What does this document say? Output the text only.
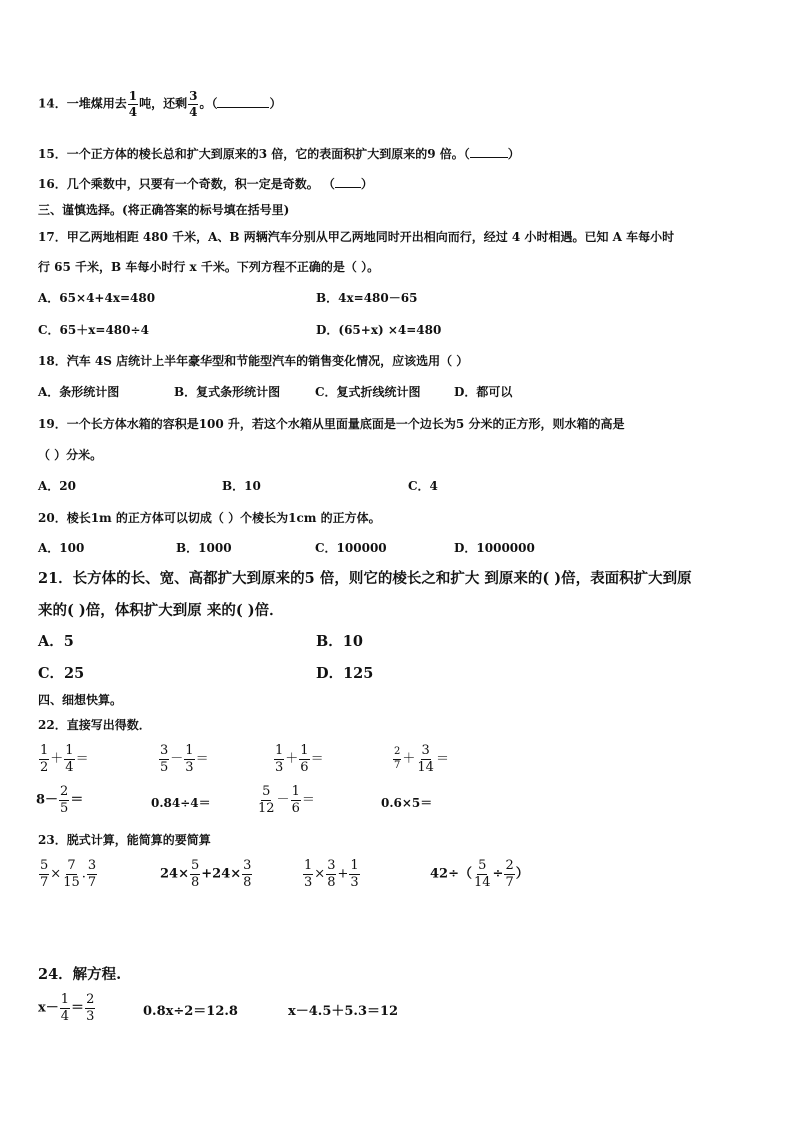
14．一堆煤用去 $\frac{1}{4}$ 吨，还剩 $\frac{3}{4}$ 。（	）
15．一个正方体的棱长总和扩大到原来的3 倍，它的表面积扩大到原来的9 倍。（	）
16．几个乘数中，只要有一个奇数，积一定是奇数。 （ ）
三、谨慎选择。(将正确答案的标号填在括号里)
17．甲乙两地相距 480 千米，A、B 两辆汽车分别从甲乙两地同时开出相向而行，经过 4 小时相遇。已知 A 车每小时
行 65 千米，B 车每小时行 x 千米。下列方程不正确的是（ ）。
A．65×4+4x=480	B．4x=480－65
C．65＋x=480÷4	D．(65+x) ×4=480
18．汽车 4S 店统计上半年豪华型和节能型汽车的销售变化情况，应该选用（ ）
A．条形统计图	B．复式条形统计图	C．复式折线统计图	D．都可以
19．一个长方体水箱的容积是100 升，若这个水箱从里面量底面是一个边长为5 分米的正方形，则水箱的高是
（ ）分米。
A．20	B．10	C．4
20．棱长1m 的正方体可以切成（ ）个棱长为1cm 的正方体。
A．100	B．1000	C．100000	D．1000000
21．长方体的长、宽、高都扩大到原来的5 倍，则它的棱长之和扩大 到原来的( )倍，表面积扩大到原
来的( )倍，体积扩大到原 来的( )倍．
A．5	B．10
C．25	D．125
四、细想快算。
22．直接写出得数．
$\frac{1}{2} + \frac{1}{4}$ ＝	$\frac{3}{5} - \frac{1}{3}$ ＝	$\frac{1}{3} + \frac{1}{6}$ ＝	$\frac{2}{7} + \frac{3}{14}$ ＝
$8- \frac{2}{5}$ ＝	0.84÷4＝	$\frac{5}{12} - \frac{1}{6}$ ＝	0.6×5＝
23．脱式计算，能简算的要简算
$\frac{5}{7} \times \frac{7}{15}$ . $\frac{3}{7}$	$24\times \frac{5}{8} +24\times \frac{3}{8}$	$\frac{1}{3} \times \frac{3}{8} + \frac{1}{3}$	$42\div( \frac{5}{14} \div \frac{2}{7}$ ）
24．解方程.
$x- \frac{1}{4} = \frac{2}{3}$	0.8x÷2＝12.8	x－4.5＋5.3＝12
